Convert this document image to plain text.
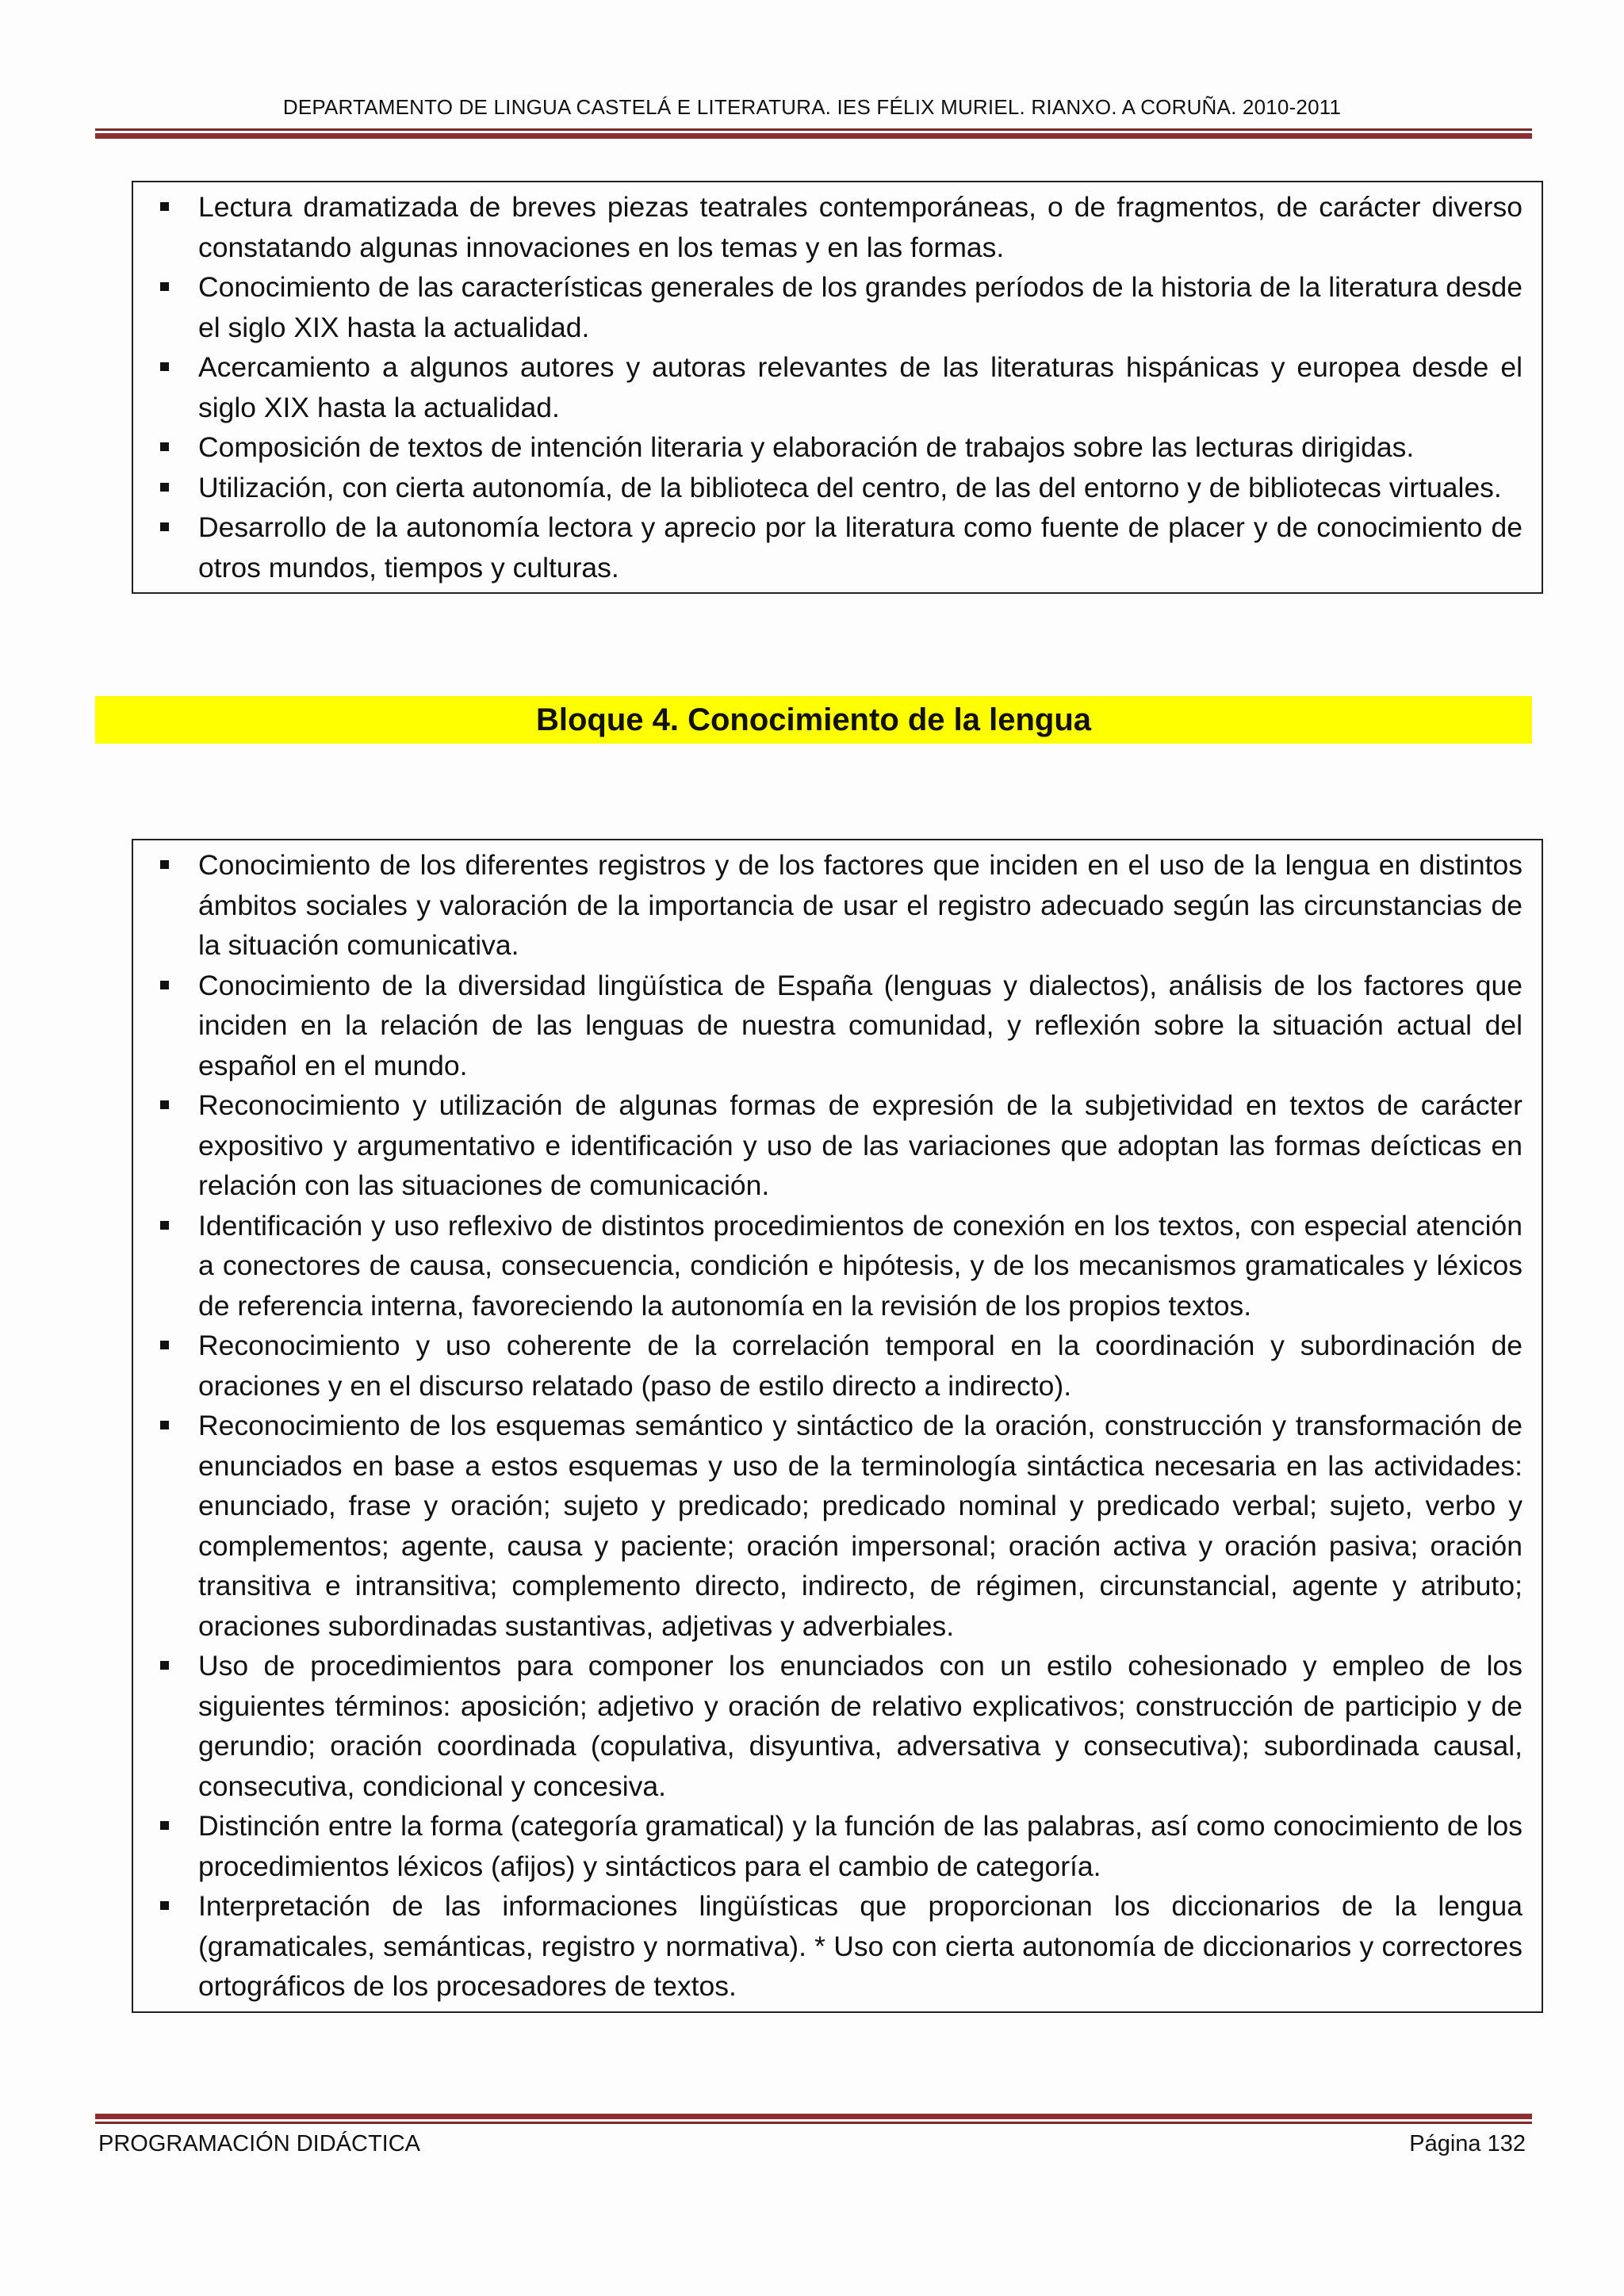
DEPARTAMENTO DE LINGUA CASTELÁ E LITERATURA. IES FÉLIX MURIEL. RIANXO. A CORUÑA. 2010-2011
Lectura dramatizada de breves piezas teatrales contemporáneas, o de fragmentos, de carácter diverso constatando algunas innovaciones en los temas y en las formas.
Conocimiento de las características generales de los grandes períodos de la historia de la literatura desde el siglo XIX hasta la actualidad.
Acercamiento a algunos autores y autoras relevantes de las literaturas hispánicas y europea desde el siglo XIX hasta la actualidad.
Composición de textos de intención literaria y elaboración de trabajos sobre las lecturas dirigidas.
Utilización, con cierta autonomía, de la biblioteca del centro, de las del entorno y de bibliotecas virtuales.
Desarrollo de la autonomía lectora y aprecio por la literatura como fuente de placer y de conocimiento de otros mundos, tiempos y culturas.
Bloque 4. Conocimiento de la lengua
Conocimiento de los diferentes registros y de los factores que inciden en el uso de la lengua en distintos ámbitos sociales y valoración de la importancia de usar el registro adecuado según las circunstancias de la situación comunicativa.
Conocimiento de la diversidad lingüística de España (lenguas y dialectos), análisis de los factores que inciden en la relación de las lenguas de nuestra comunidad, y reflexión sobre la situación actual del español en el mundo.
Reconocimiento y utilización de algunas formas de expresión de la subjetividad en textos de carácter expositivo y argumentativo e identificación y uso de las variaciones que adoptan las formas deícticas en relación con las situaciones de comunicación.
Identificación y uso reflexivo de distintos procedimientos de conexión en los textos, con especial atención a conectores de causa, consecuencia, condición e hipótesis, y de los mecanismos gramaticales y léxicos de referencia interna, favoreciendo la autonomía en la revisión de los propios textos.
Reconocimiento y uso coherente de la correlación temporal en la coordinación y subordinación de oraciones y en el discurso relatado (paso de estilo directo a indirecto).
Reconocimiento de los esquemas semántico y sintáctico de la oración, construcción y transformación de enunciados en base a estos esquemas y uso de la terminología sintáctica necesaria en las actividades: enunciado, frase y oración; sujeto y predicado; predicado nominal y predicado verbal; sujeto, verbo y complementos; agente, causa y paciente; oración impersonal; oración activa y oración pasiva; oración transitiva e intransitiva; complemento directo, indirecto, de régimen, circunstancial, agente y atributo; oraciones subordinadas sustantivas, adjetivas y adverbiales.
Uso de procedimientos para componer los enunciados con un estilo cohesionado y empleo de los siguientes términos: aposición; adjetivo y oración de relativo explicativos; construcción de participio y de gerundio; oración coordinada (copulativa, disyuntiva, adversativa y consecutiva); subordinada causal, consecutiva, condicional y concesiva.
Distinción entre la forma (categoría gramatical) y la función de las palabras, así como conocimiento de los procedimientos léxicos (afijos) y sintácticos para el cambio de categoría.
Interpretación de las informaciones lingüísticas que proporcionan los diccionarios de la lengua (gramaticales, semánticas, registro y normativa). * Uso con cierta autonomía de diccionarios y correctores ortográficos de los procesadores de textos.
PROGRAMACIÓN DIDÁCTICA	Página 132
